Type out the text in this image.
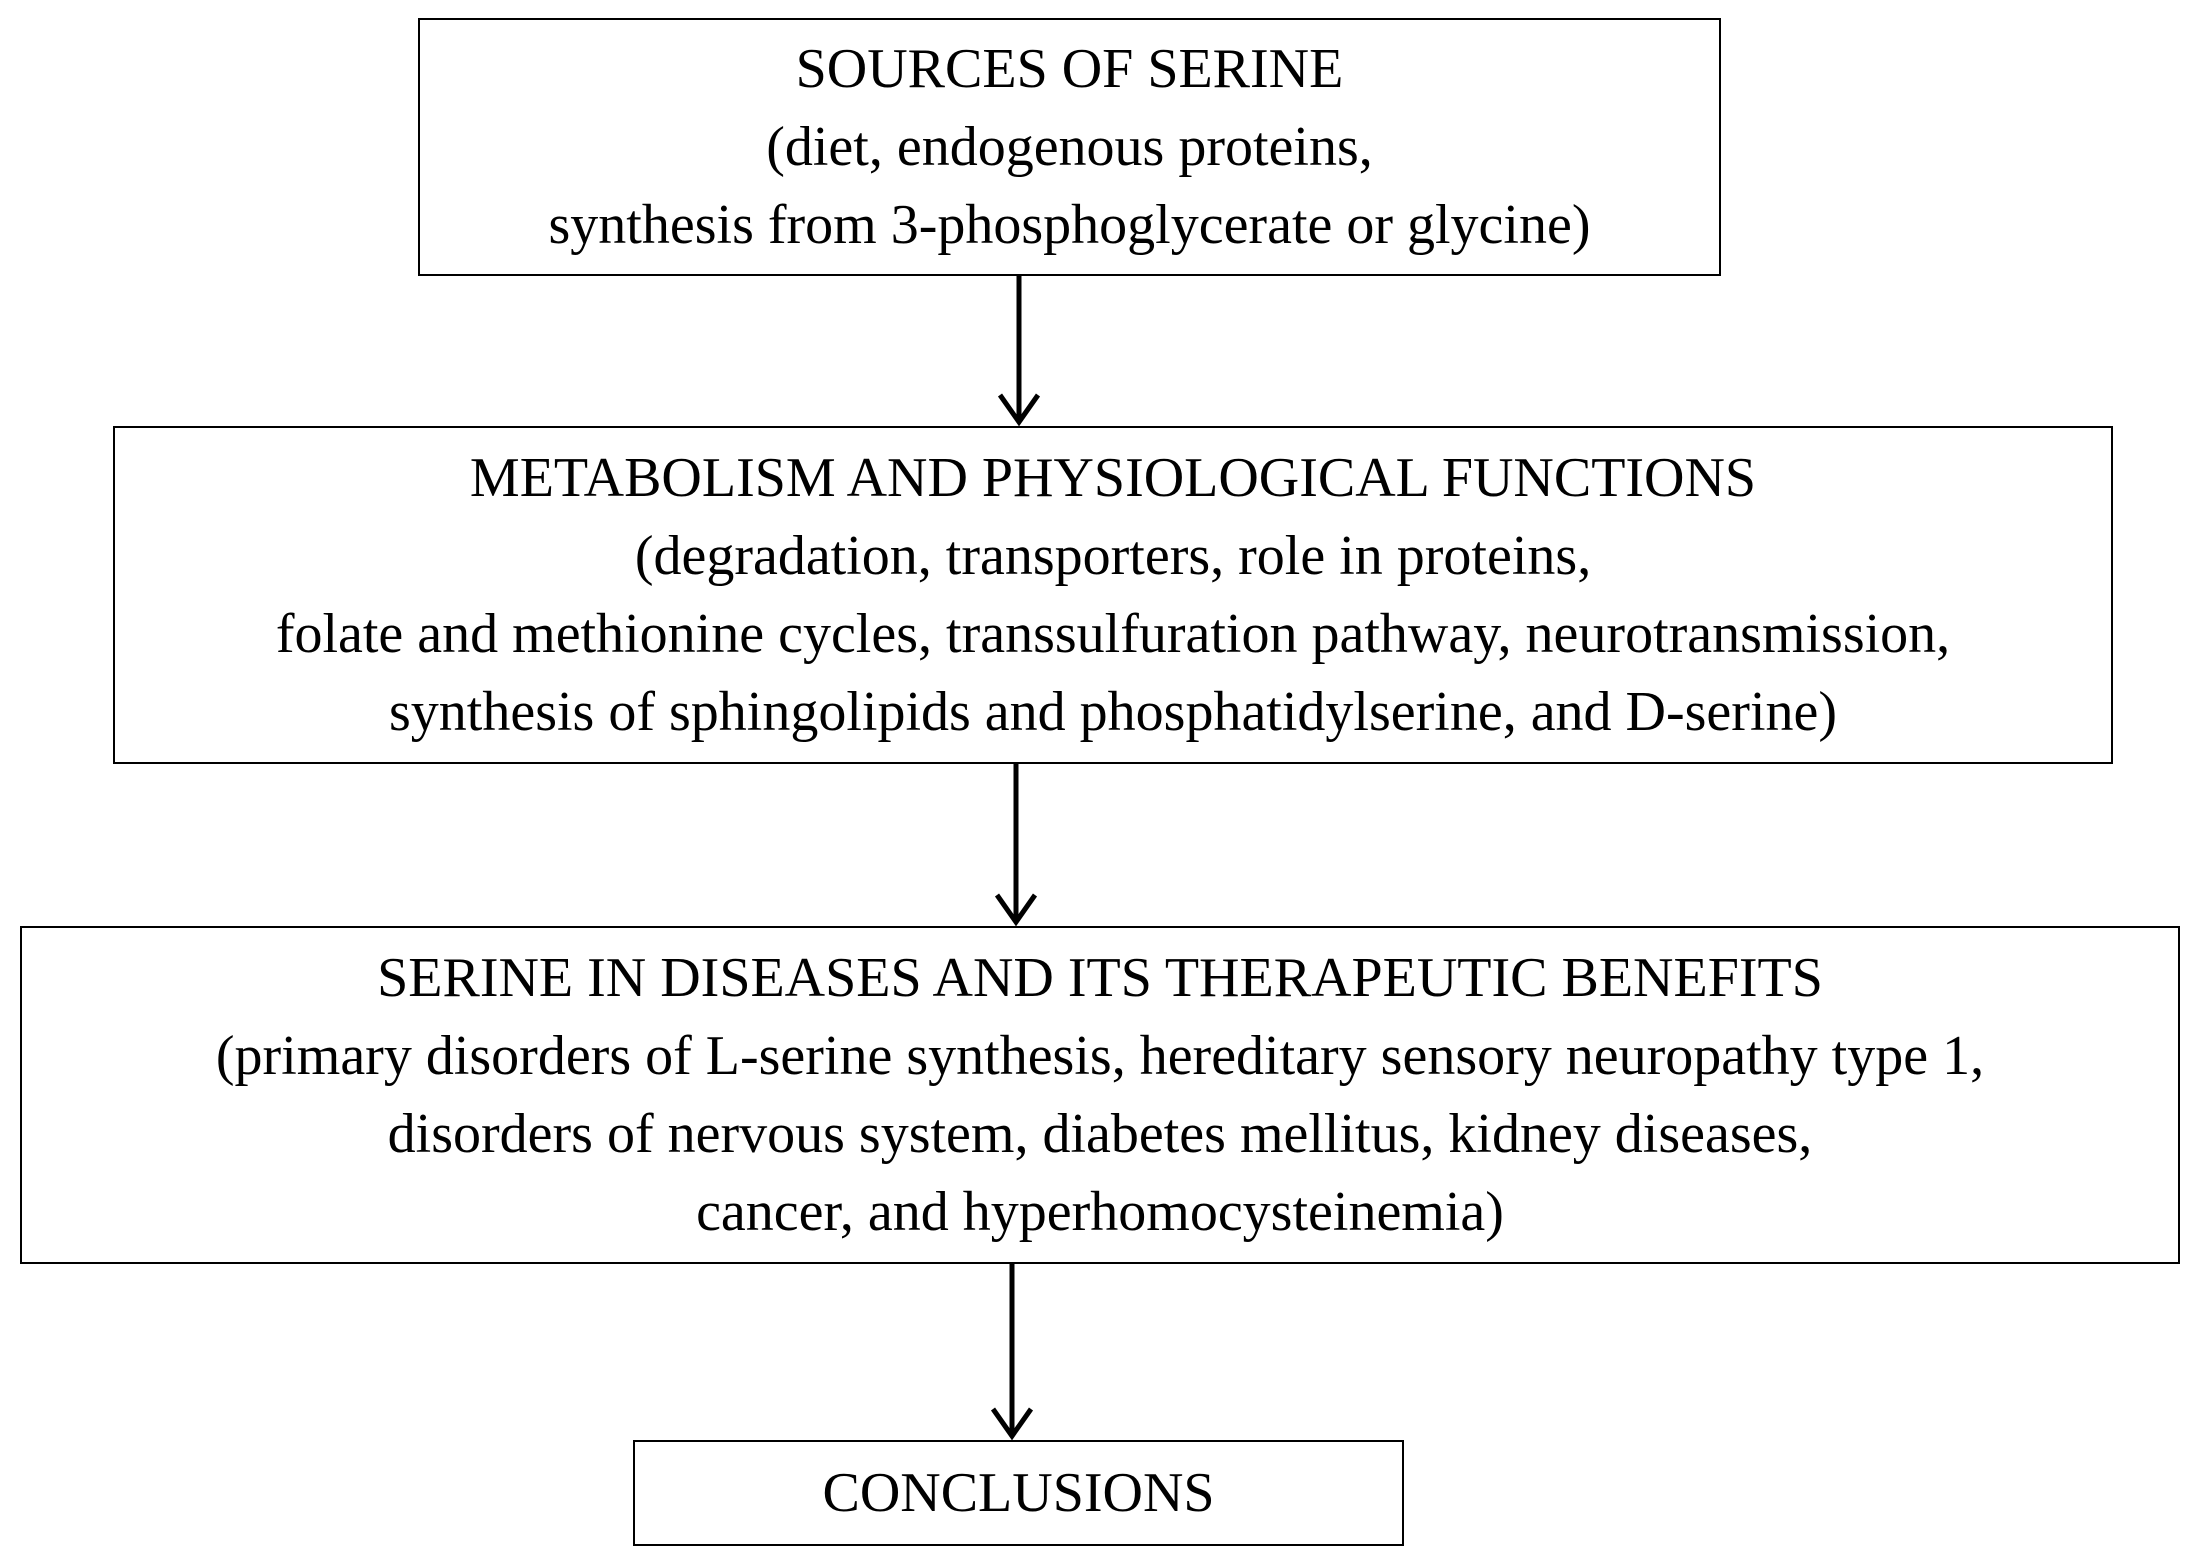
SOURCES OF SERINE
(diet, endogenous proteins,
synthesis from 3-phosphoglycerate or glycine)
METABOLISM AND PHYSIOLOGICAL FUNCTIONS
(degradation, transporters, role in proteins,
folate and methionine cycles, transsulfuration pathway, neurotransmission,
synthesis of sphingolipids and phosphatidylserine, and D-serine)
SERINE IN DISEASES AND ITS THERAPEUTIC BENEFITS
(primary disorders of L-serine synthesis, hereditary sensory neuropathy type 1,
disorders of nervous system, diabetes mellitus, kidney diseases,
cancer, and hyperhomocysteinemia)
CONCLUSIONS
